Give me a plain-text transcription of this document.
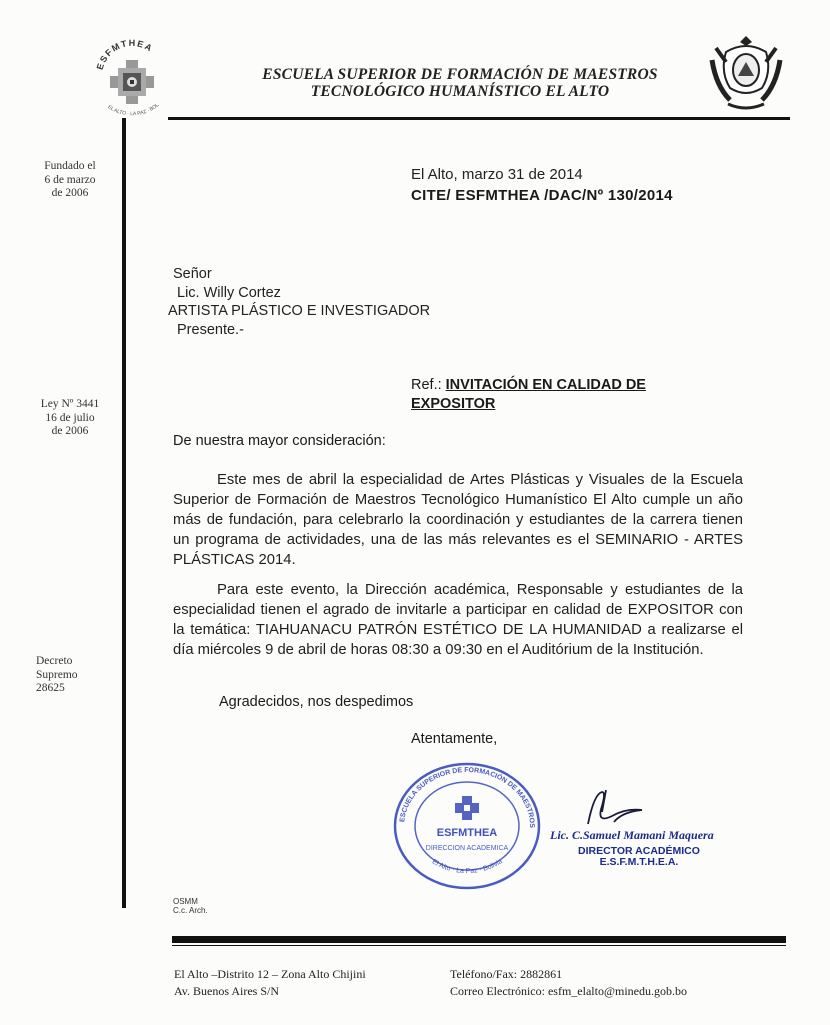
ESFMTHEA
EL ALTO · LA PAZ · BOL
ESCUELA SUPERIOR DE FORMACIÓN DE MAESTROS
TECNOLÓGICO HUMANÍSTICO EL ALTO
Fundado el
6 de marzo
de 2006
Ley Nº 3441
16 de julio
de 2006
Decreto
Supremo
28625
El Alto, marzo 31 de 2014
CITE/ ESFMTHEA /DAC/Nº 130/2014
Señor
Lic. Willy Cortez
ARTISTA PLÁSTICO E INVESTIGADOR
Presente.-
Ref.: INVITACIÓN EN CALIDAD DE
EXPOSITOR
De nuestra mayor consideración:
Este mes de abril la especialidad de Artes Plásticas y Visuales de la Escuela Superior de Formación de Maestros Tecnológico Humanístico El Alto cumple un año más de fundación, para celebrarlo la coordinación y estudiantes de la carrera tienen un programa de actividades, una de las más relevantes es el SEMINARIO - ARTES PLÁSTICAS 2014.
Para este evento, la Dirección académica, Responsable y estudiantes de la especialidad tienen el agrado de invitarle a participar en calidad de EXPOSITOR con la temática: TIAHUANACU PATRÓN ESTÉTICO DE LA HUMANIDAD a realizarse el día miércoles 9 de abril de horas 08:30 a 09:30 en el Auditórium de la Institución.
Agradecidos, nos despedimos
Atentamente,
ESCUELA SUPERIOR DE FORMACIÓN DE MAESTROS
ESFMTHEA
DIRECCION ACADEMICA
El Alto · La Paz · Bolivia
Lic. C.Samuel Mamani Maquera
DIRECTOR ACADÉMICO
E.S.F.M.T.H.E.A.
OSMM
C.c. Arch.
El Alto –Distrito 12 – Zona Alto Chijini
Av. Buenos Aires S/N
Teléfono/Fax: 2882861
Correo Electrónico: esfm_elalto@minedu.gob.bo
